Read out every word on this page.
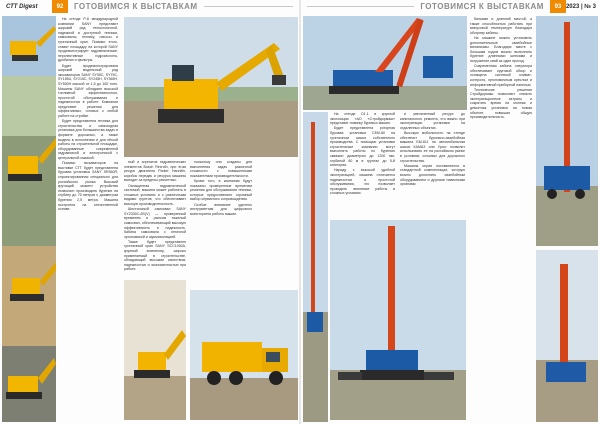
СТТ Digest	92	ГОТОВИМСЯ К ВЫСТАВКАМ	ГОТОВИМСЯ К ВЫСТАВКАМ	93 2023 | № 3

На стенде Р-8 международной компании SANY представит широкий ряд технологичной, надежной и доступной техники, самосвалы, технику, насосы и гусеничный кран. Помимо этого, ставят площадку на которой SANY продемонстрирует гидравлические, перспективные гидромолоты, дробилки и фильтры.

Будет продемонстрирована широкий модельный ряд экскаваторов SANY SY35C, SY75C, SY155U, SY215C, SY245H, SY365H, SY500H массой от 1,5 до 100 тонн. Машины SANY обладают высокой топливной эффективностью, простотой обслуживания и надежностью в работе. Компания представит решения для эффективных, готовых к любой работе на стройке.

Будет представлена техника для строительства и самоходная установка для большинства задач в формате дорожных, а также модели в исполнении и для лёгкой работы на строительной площадке, оборудованные современной гидравликой и электроникой с центральной смазкой.

Помимо экскаваторов на выставке СТТ будет представлена буровая установка SANY SR360R, спроектированная специально для российского рынка. Высокий крутящий момент устройства позволяет производить бурение на глубину до 70 метров с диаметром бурения 2,5 метра. Машина построена на отечественной основе.

ный и агрегатов гидравлических элементов Bosch Rexroth, при этом ресурс двигателя Parker Hannifin, коробок передач и ресурса машины выходит за пределы расчетных.

Оснащенная гидравлической системой, машина может работать в сложных условиях и с различными видами грунтов, что обеспечивает высокую производительность.

Шестиосный самосвал SANY SYZ330C-8S(V) — проверенный временем и рынком тяжелый самосвал, обеспечивающий высокую эффективность и надежность. Кабина самосвала с отличной эргономикой и шумоизоляцией.

Также будет представлен гусеничный кран SANY SCC1000A, крупный экземпляр, широко применяемый в строительстве, обладающий высоким качеством, надежностью и экономичностью при работе.

поскольку они созданы для выполнения задач различной сложности с повышенными показателями производительности.

Кроме того, в компании будут показаны проверенные временем решения для обслуживания техники, которые предоставляют огромный выбор сервисного сопровождения.

Особое внимание уделено инструментам для цифрового мониторинга работы машин.

На стенде D1.1 в крупной экспозиции «АО «Стройдормаш» представит новинку буровых машин.

Будет представлена роторная буровая установка СБМ-80 на гусеничном шасси собственного производства. С помощью установки строительные компании могут выполнять работы по бурению скважин диаметром до 1200 мм, глубиной 80 м в грунтах до 5-й категории.

Наряду с высокой удобной эксплуатацией, машина отличается надежностью и простотой обслуживания, что позволяет проводить земляные работы в сложных условиях.

и увеличенный ресурс до капитального ремонта, что важно при эксплуатации установки на отдаленных объектах.

Высокую мобильность на стенде обеспечит бурильно-сваебойная машина БМ-811 на автомобильном шасси КАМАЗ или Урал: позволит использовать ее на российском рынке в условиях, сложных для дорожного строительства.

Машины серии поставляются в стандартной комплектации, которую можно дополнить сваебойным оборудованием и другими навесными органами.

балками и длинной мачтой, а также способностью работать при минусовой температуре благодаря обогреву кабины.

На машине можно установить дополнительные сваебойные механизмы. Благодаря мачте с большим ходом можно выполнять бурение длинными шнеками и погружение свай за один проход.

Современная кабина оператора обеспечивает круговой обзор и оснащена системой климат-контроля, эргономичным креслом и информативной приборной панелью.

Технические решения Стройдормаш позволяют снизить эксплуатационные затраты и сократить время на монтаж и демонтаж установки на новом объекте, повышая общую производительность.
